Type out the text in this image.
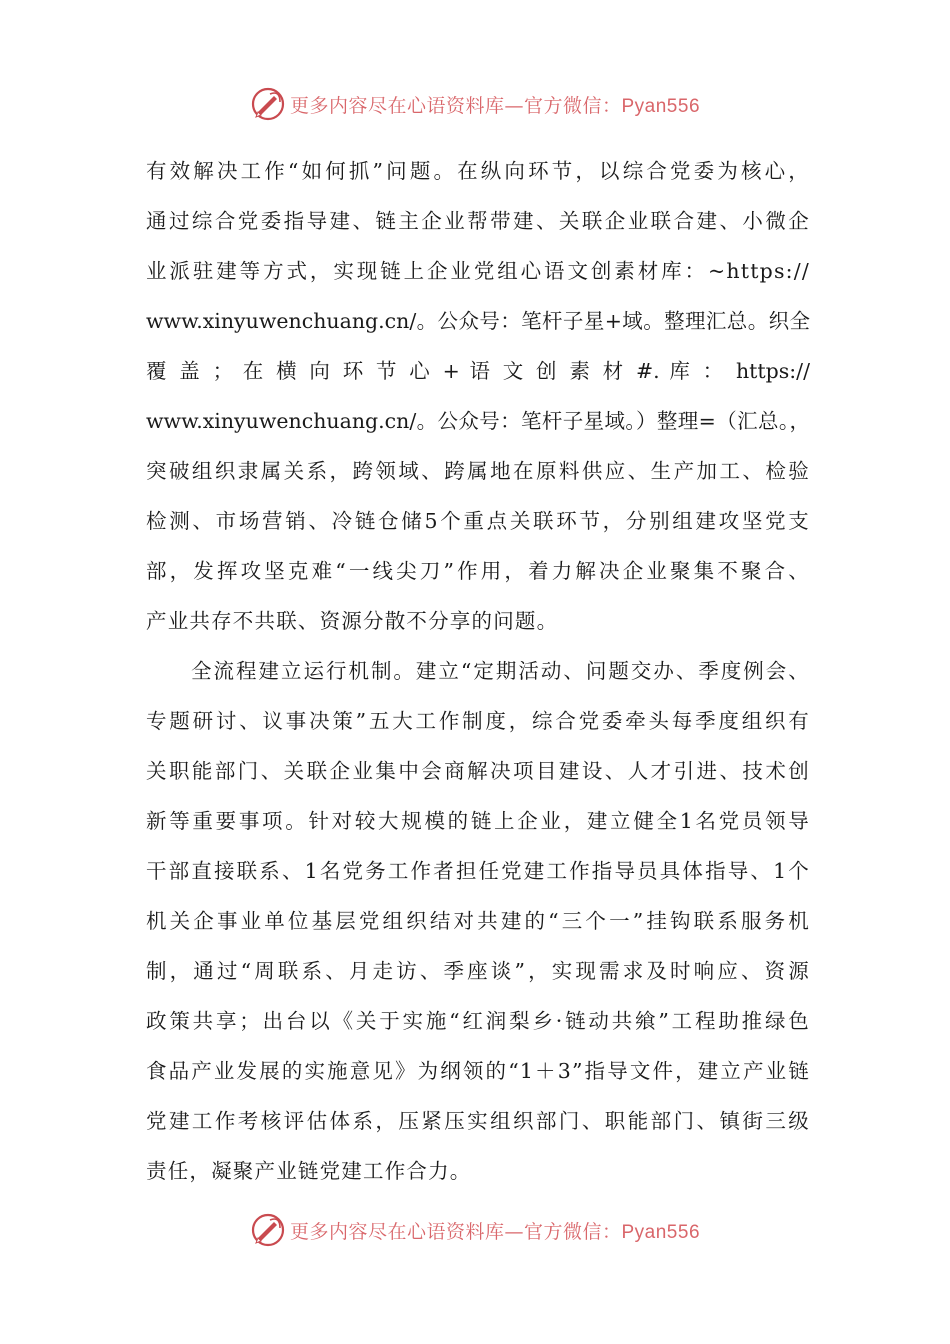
更多内容尽在心语资料库—官方微信：Pyan556
有效解决工作“如何抓”问题。在纵向环节，以综合党委为核心，
通过综合党委指导建、链主企业帮带建、关联企业联合建、小微企
业派驻建等方式，实现链上企业党组心语文创素材库：~https://
www.xinyuwenchuang.cn/。公众号：笔杆子星+域。整理汇总。织全
覆 盖 ； 在 横 向 环 节 心 + 语 文 创 素 材 #. 库 ： https://
www.xinyuwenchuang.cn/。公众号：笔杆子星域。）整理=（汇总。，
突破组织隶属关系，跨领域、跨属地在原料供应、生产加工、检验
检测、市场营销、冷链仓储5个重点关联环节，分别组建攻坚党支
部，发挥攻坚克难“一线尖刀”作用，着力解决企业聚集不聚合、
产业共存不共联、资源分散不分享的问题。
全流程建立运行机制。建立“定期活动、问题交办、季度例会、
专题研讨、议事决策”五大工作制度，综合党委牵头每季度组织有
关职能部门、关联企业集中会商解决项目建设、人才引进、技术创
新等重要事项。针对较大规模的链上企业，建立健全1名党员领导
干部直接联系、1名党务工作者担任党建工作指导员具体指导、1个
机关企事业单位基层党组织结对共建的“三个一”挂钩联系服务机
制，通过“周联系、月走访、季座谈”，实现需求及时响应、资源
政策共享；出台以《关于实施“红润梨乡·链动共飨”工程助推绿色
食品产业发展的实施意见》为纲领的“1＋3”指导文件，建立产业链
党建工作考核评估体系，压紧压实组织部门、职能部门、镇街三级
责任，凝聚产业链党建工作合力。
更多内容尽在心语资料库—官方微信：Pyan556
